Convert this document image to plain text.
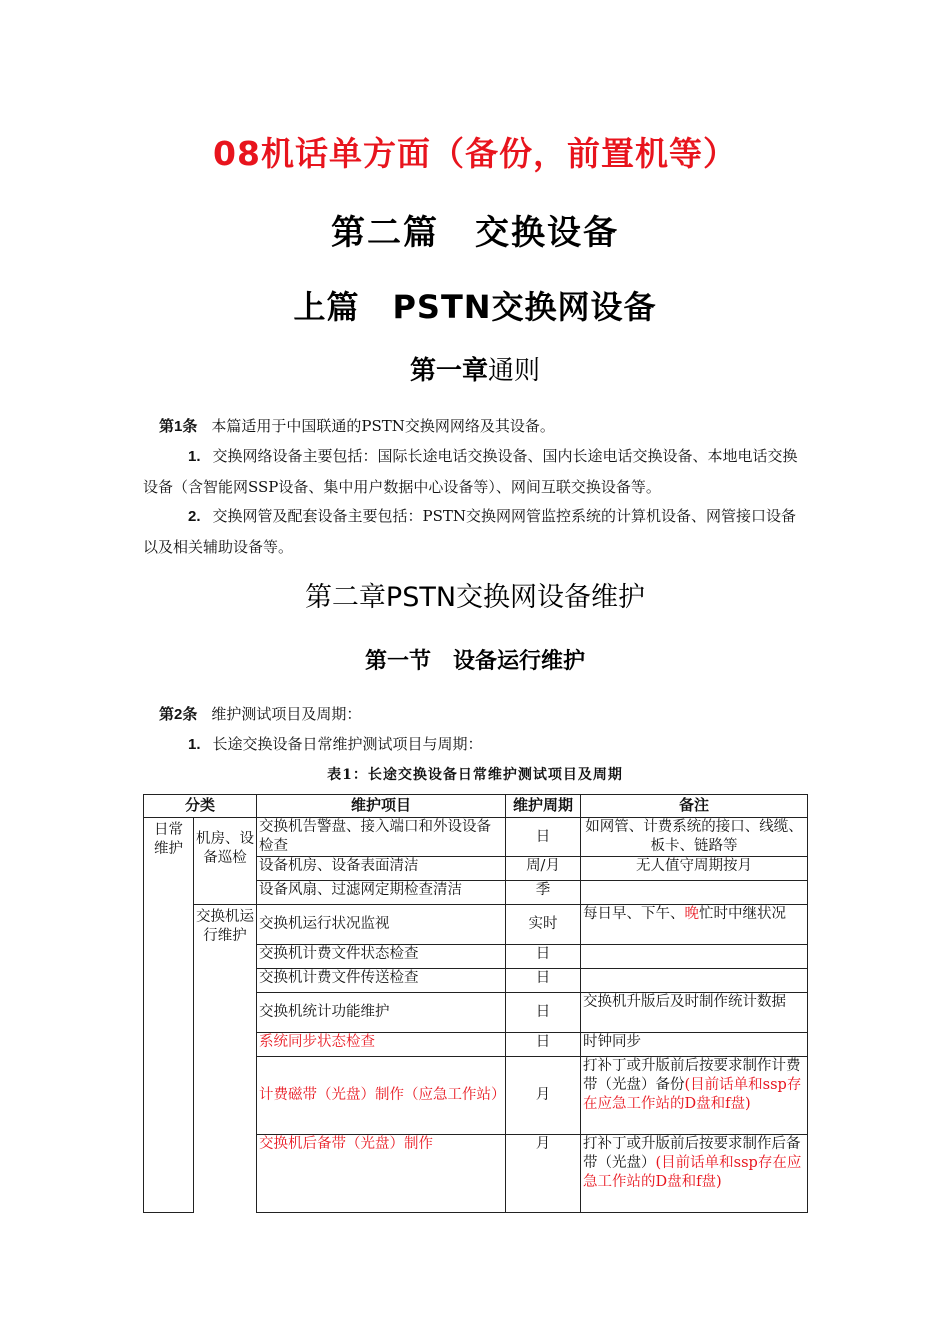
08机话单方面（备份，前置机等）
第二篇　交换设备
上篇　PSTN交换网设备
第一章通则
第1条 本篇适用于中国联通的PSTN交换网网络及其设备。
1. 交换网络设备主要包括：国际长途电话交换设备、国内长途电话交换设备、本地电话交换设备（含智能网SSP设备、集中用户数据中心设备等）、网间互联交换设备等。
2. 交换网管及配套设备主要包括：PSTN交换网网管监控系统的计算机设备、网管接口设备以及相关辅助设备等。
第二章PSTN交换网设备维护
第一节　设备运行维护
第2条 维护测试项目及周期：
1. 长途交换设备日常维护测试项目与周期：
表1：长途交换设备日常维护测试项目及周期
分类		维护项目	维护周期	备注
日常维护	机房、设 备巡检	交换机告警盘、接入端口和外设设备检查	日	如网管、计费系统的接口、线缆、板卡、链路等
		设备机房、设备表面清洁	周/月	无人值守周期按月
		设备风扇、过滤网定期检查清洁	季	
	交换机运行维护	交换机运行状况监视	实时	每日早、下午、晚忙时中继状况
		交换机计费文件状态检查	日	
		交换机计费文件传送检查	日	
		交换机统计功能维护	日	交换机升版后及时制作统计数据
		系统同步状态检查	日	时钟同步
		计费磁带（光盘）制作（应急工作站）	月	打补丁或升版前后按要求制作计费带（光盘）备份(目前话单和ssp存在应急工作站的D盘和f盘)
		交换机后备带（光盘）制作	月	打补丁或升版前后按要求制作后备带（光盘）(目前话单和ssp存在应急工作站的D盘和f盘)
